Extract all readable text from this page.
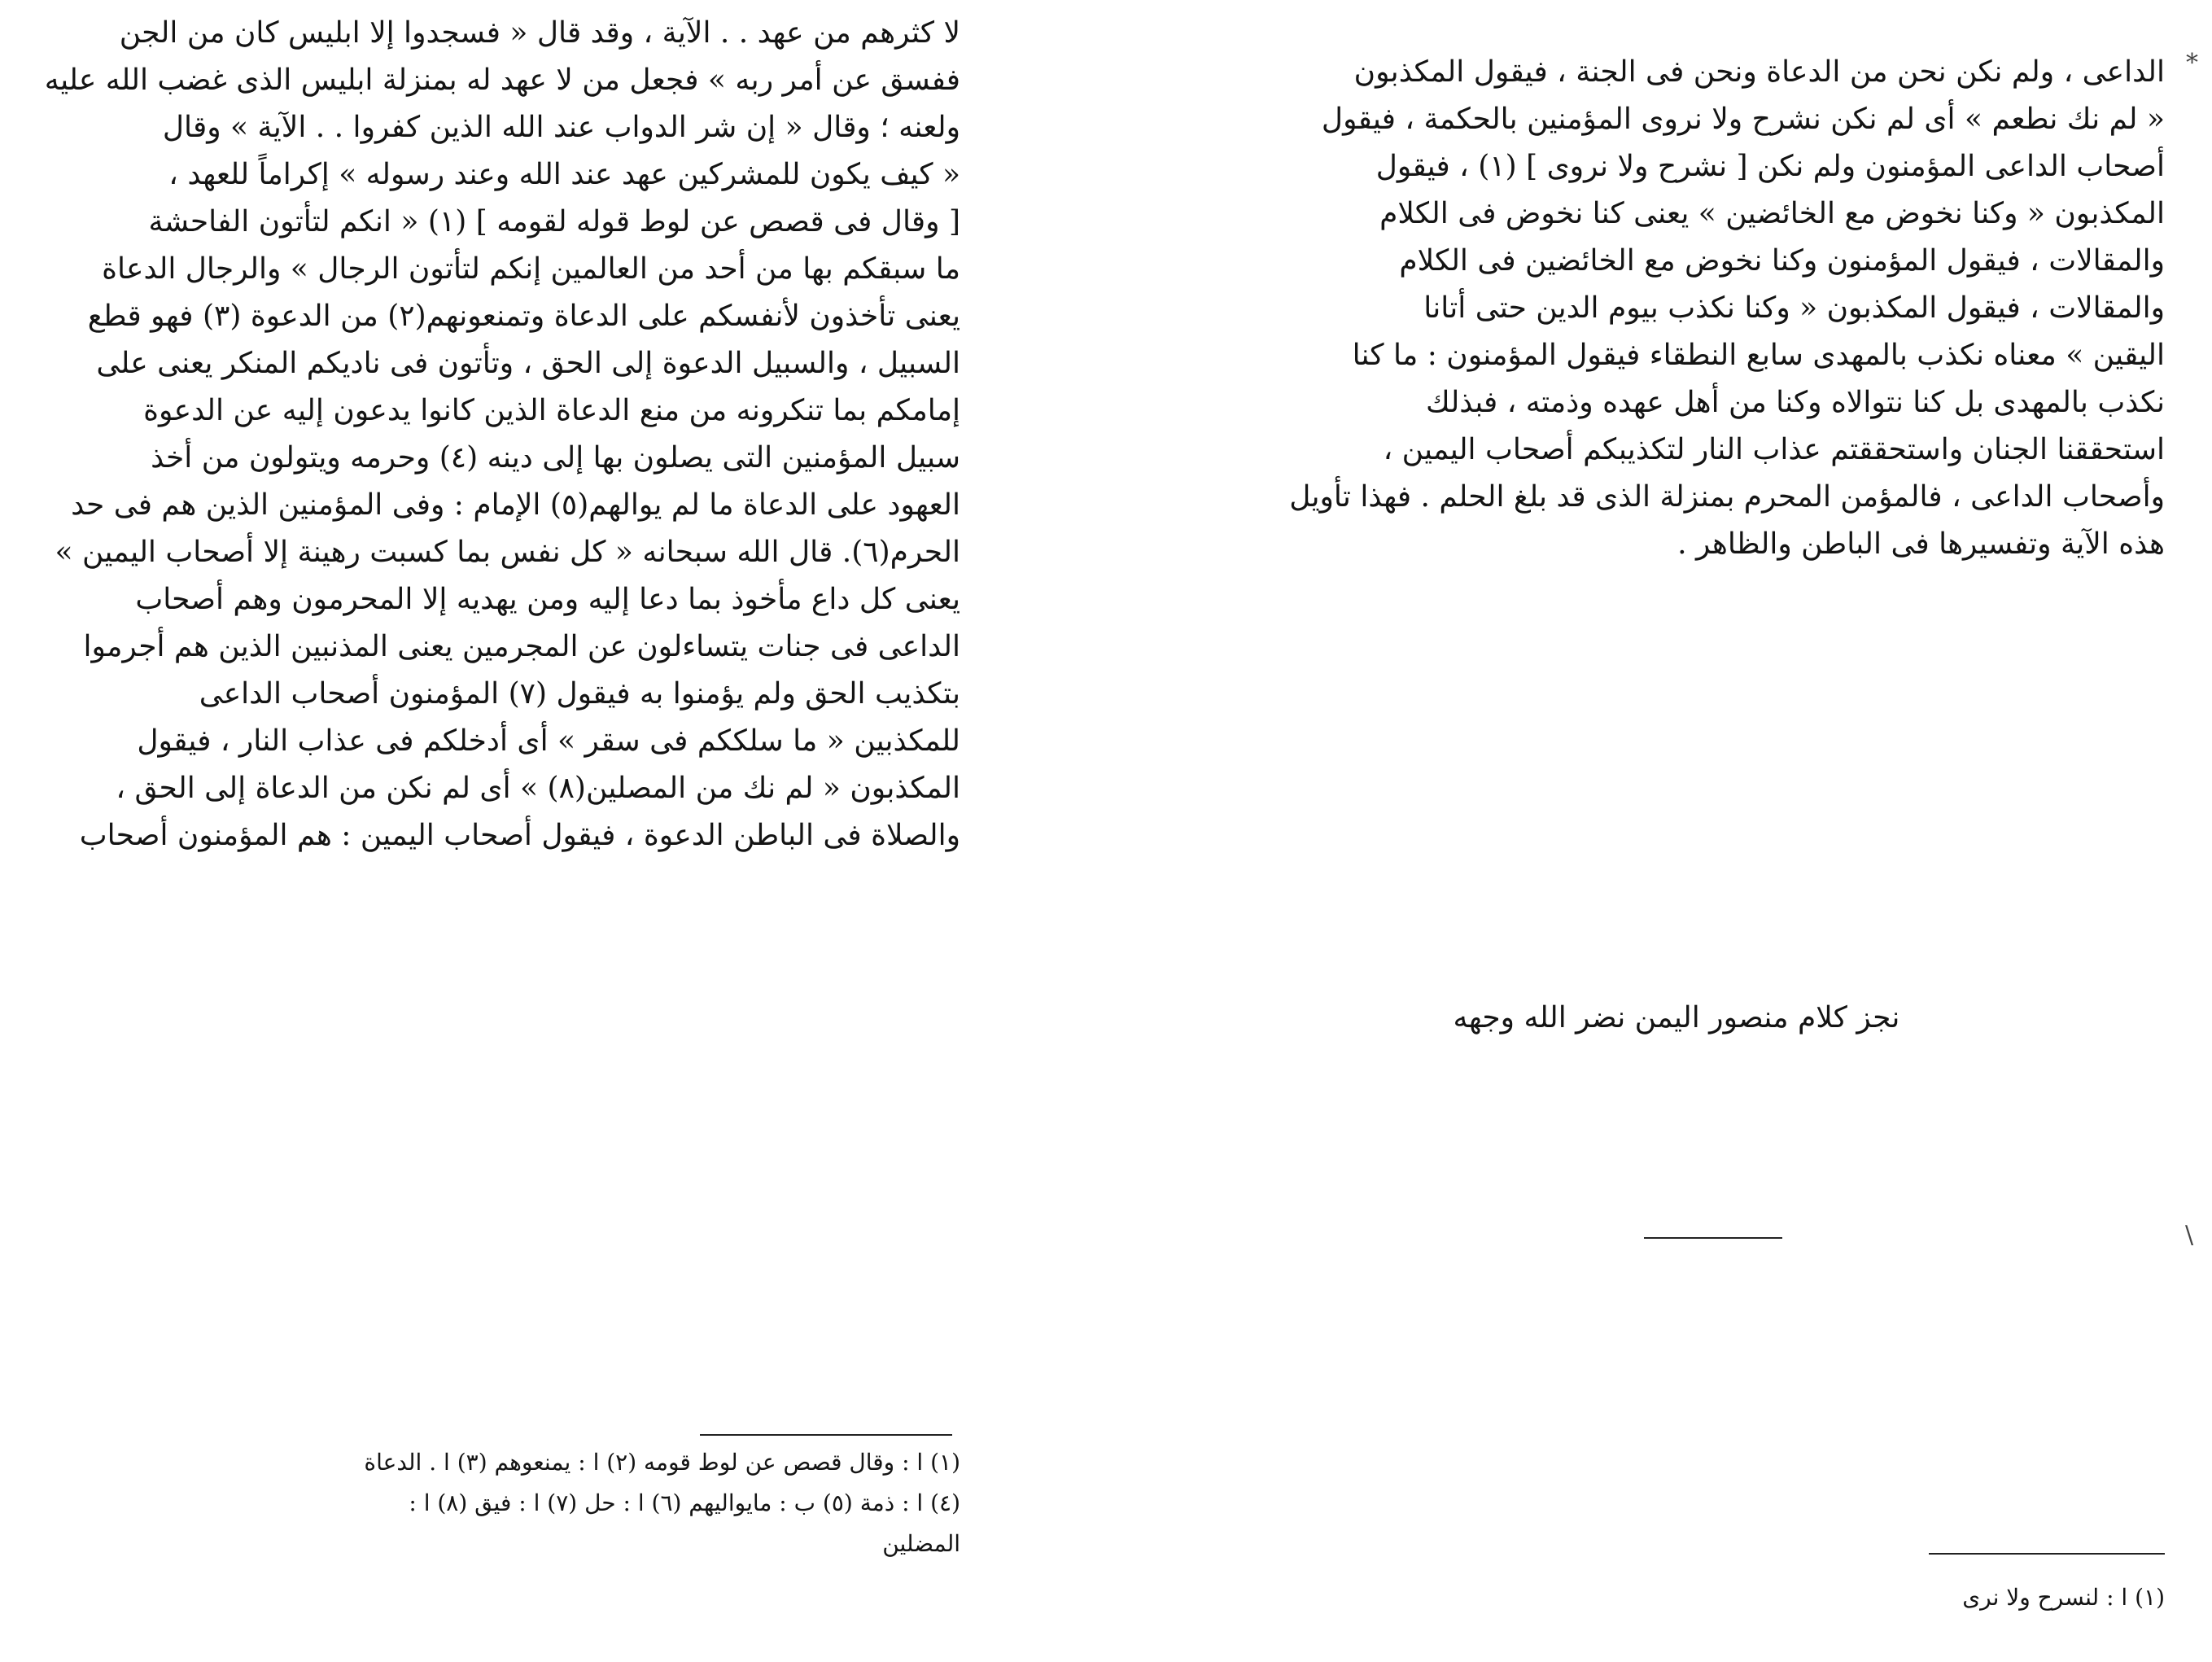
لا كثرهم من عهد . . الآية ، وقد قال « فسجدوا إلا ابليس كان من الجن
ففسق عن أمر ربه » فجعل من لا عهد له بمنزلة ابليس الذى غضب الله عليه
ولعنه ؛ وقال « إن شر الدواب عند الله الذين كفروا . . الآية » وقال
« كيف يكون للمشركين عهد عند الله وعند رسوله » إكراماً للعهد ،
[ وقال فى قصص عن لوط قوله لقومه ] (١) « انكم لتأتون الفاحشة
ما سبقكم بها من أحد من العالمين إنكم لتأتون الرجال » والرجال الدعاة
يعنى تأخذون لأنفسكم على الدعاة وتمنعونهم(٢) من الدعوة (٣) فهو قطع
السبيل ، والسبيل الدعوة إلى الحق ، وتأتون فى ناديكم المنكر يعنى على
إمامكم بما تنكرونه من منع الدعاة الذين كانوا يدعون إليه عن الدعوة
سبيل المؤمنين التى يصلون بها إلى دينه (٤) وحرمه ويتولون من أخذ
العهود على الدعاة ما لم يوالهم(٥) الإمام : وفى المؤمنين الذين هم فى حد
الحرم(٦). قال الله سبحانه « كل نفس بما كسبت رهينة إلا أصحاب اليمين »
يعنى كل داع مأخوذ بما دعا إليه ومن يهديه إلا المحرمون وهم أصحاب
الداعى فى جنات يتساءلون عن المجرمين يعنى المذنبين الذين هم أجرموا
بتكذيب الحق ولم يؤمنوا به فيقول (٧) المؤمنون أصحاب الداعى
للمكذبين « ما سلككم فى سقر » أى أدخلكم فى عذاب النار ، فيقول
المكذبون « لم نك من المصلين(٨) » أى لم نكن من الدعاة إلى الحق ،
والصلاة فى الباطن الدعوة ، فيقول أصحاب اليمين : هم المؤمنون أصحاب
(١) ا : وقال قصص عن لوط قومه (٢) ا : يمنعوهم (٣) ا . الدعاة
(٤) ا : ذمة (٥) ب : مايواليهم (٦) ا : حل (٧) ا : فيق (٨) ا :
المضلين
*
الداعى ، ولم نكن نحن من الدعاة ونحن فى الجنة ، فيقول المكذبون
« لم نك نطعم » أى لم نكن نشرح ولا نروى المؤمنين بالحكمة ، فيقول
أصحاب الداعى المؤمنون ولم نكن [ نشرح ولا نروى ] (١) ، فيقول
المكذبون « وكنا نخوض مع الخائضين » يعنى كنا نخوض فى الكلام
والمقالات ، فيقول المؤمنون وكنا نخوض مع الخائضين فى الكلام
والمقالات ، فيقول المكذبون « وكنا نكذب بيوم الدين حتى أتانا
اليقين » معناه نكذب بالمهدى سابع النطقاء فيقول المؤمنون : ما كنا
نكذب بالمهدى بل كنا نتوالاه وكنا من أهل عهده وذمته ، فبذلك
استحققنا الجنان واستحققتم عذاب النار لتكذيبكم أصحاب اليمين ،
وأصحاب الداعى ، فالمؤمن المحرم بمنزلة الذى قد بلغ الحلم . فهذا تأويل
هذه الآية وتفسيرها فى الباطن والظاهر .

نجز كلام منصور اليمن نضر الله وجهه

\
(١) ا : لنسرح ولا نرى
